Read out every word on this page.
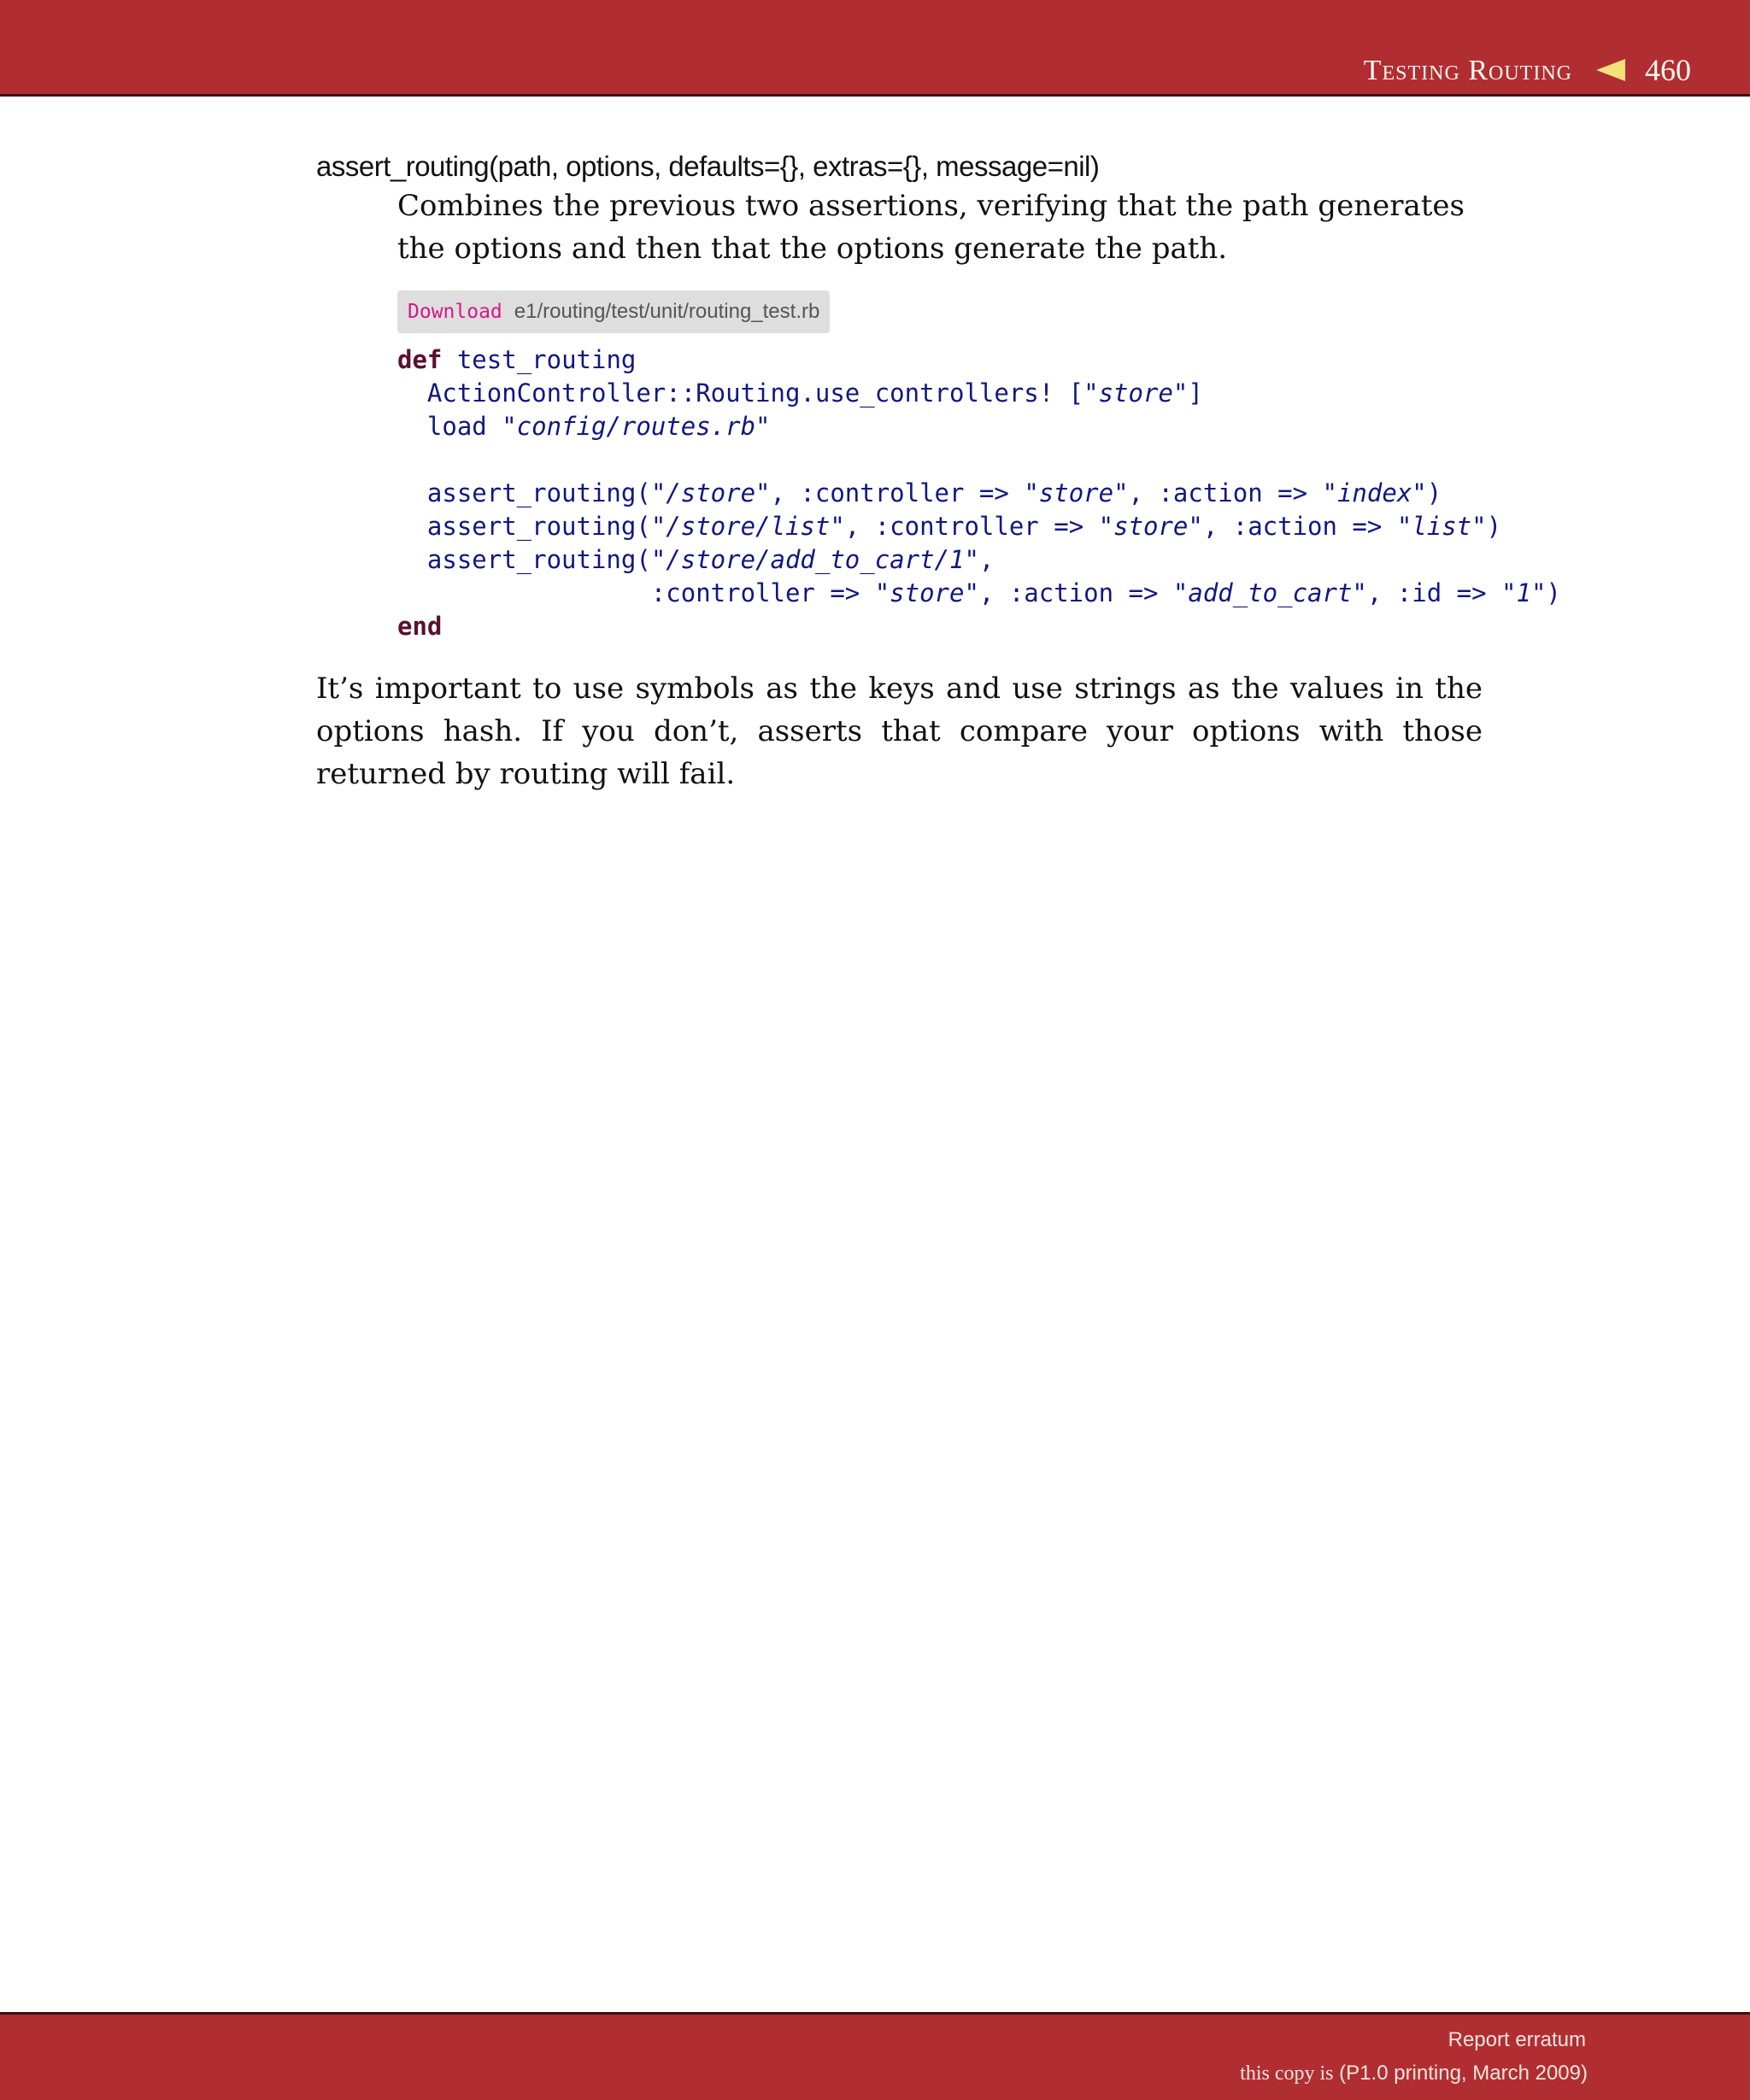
Testing Routing 460
assert_routing(path, options, defaults={}, extras={}, message=nil)
Combines the previous two assertions, verifying that the path generates the options and then that the options generate the path.
Download e1/routing/test/unit/routing_test.rb
def test_routing
ActionController::Routing.use_controllers! ["store"]
load "config/routes.rb"
assert_routing("/store", :controller => "store", :action => "index")
assert_routing("/store/list", :controller => "store", :action => "list")
assert_routing("/store/add_to_cart/1",
:controller => "store", :action => "add_to_cart", :id => "1")
end
It’s important to use symbols as the keys and use strings as the values in the options hash. If you don’t, asserts that compare your options with those returned by routing will fail.
Report erratum
this copy is (P1.0 printing, March 2009)
